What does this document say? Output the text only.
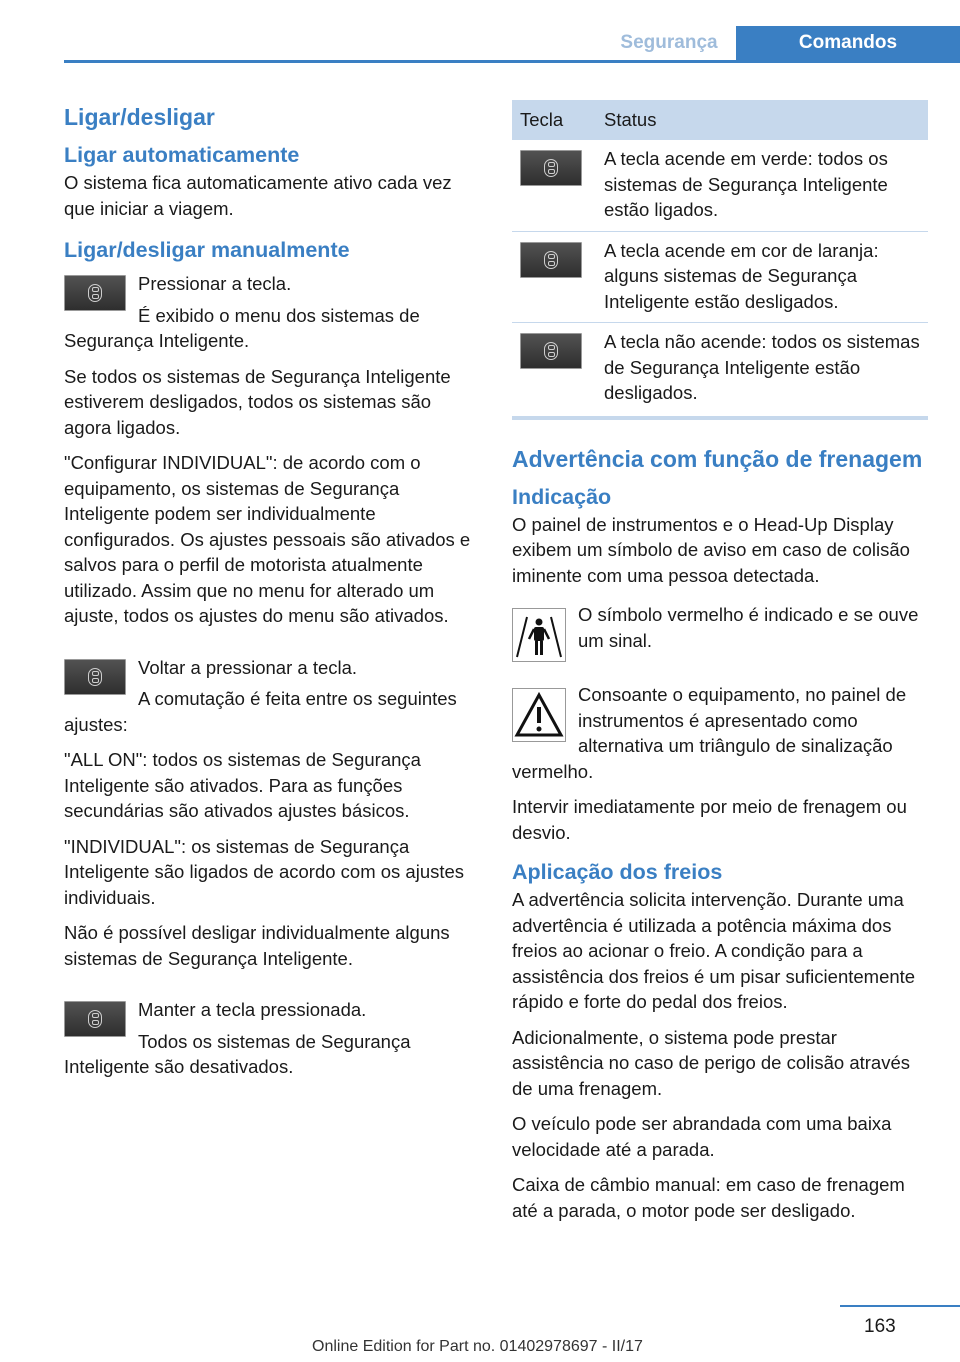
Segurança	Comandos
Ligar/desligar
Ligar automaticamente

O sistema fica automaticamente ativo cada vez que iniciar a viagem.

Ligar/desligar manualmente

Pressionar a tecla.

É exibido o menu dos sistemas de Segurança Inteligente.

Se todos os sistemas de Segurança Inteligente estiverem desligados, todos os sistemas são agora ligados.

"Configurar INDIVIDUAL": de acordo com o equipamento, os sistemas de Segurança Inteligente podem ser individualmente configurados. Os ajustes pessoais são ativados e salvos para o perfil de motorista atualmente utilizado. Assim que no menu for alterado um ajuste, todos os ajustes do menu são ativados.

Voltar a pressionar a tecla.

A comutação é feita entre os seguintes ajustes:

"ALL ON": todos os sistemas de Segurança Inteligente são ativados. Para as funções secundárias são ativados ajustes básicos.

"INDIVIDUAL": os sistemas de Segurança Inteligente são ligados de acordo com os ajustes individuais.

Não é possível desligar individualmente alguns sistemas de Segurança Inteligente.

Manter a tecla pressionada.

Todos os sistemas de Segurança Inteligente são desativados.

Tecla	Status

	A tecla acende em verde: todos os sistemas de Segurança Inteligente estão ligados.

	A tecla acende em cor de laranja: alguns sistemas de Segurança Inteligente estão desligados.

	A tecla não acende: todos os sistemas de Segurança Inteligente estão desligados.
Advertência com função de frenagem
Indicação

O painel de instrumentos e o Head-Up Display exibem um símbolo de aviso em caso de colisão iminente com uma pessoa detectada.

O símbolo vermelho é indicado e se ouve um sinal.

Consoante o equipamento, no painel de instrumentos é apresentado como alternativa um triângulo de sinalização vermelho.

Intervir imediatamente por meio de frenagem ou desvio.

Aplicação dos freios

A advertência solicita intervenção. Durante uma advertência é utilizada a potência máxima dos freios ao acionar o freio. A condição para a assistência dos freios é um pisar suficientemente rápido e forte do pedal dos freios.

Adicionalmente, o sistema pode prestar assistência no caso de perigo de colisão através de uma frenagem.

O veículo pode ser abrandada com uma baixa velocidade até a parada.

Caixa de câmbio manual: em caso de frenagem até a parada, o motor pode ser desligado.

163
Online Edition for Part no. 01402978697 - II/17
